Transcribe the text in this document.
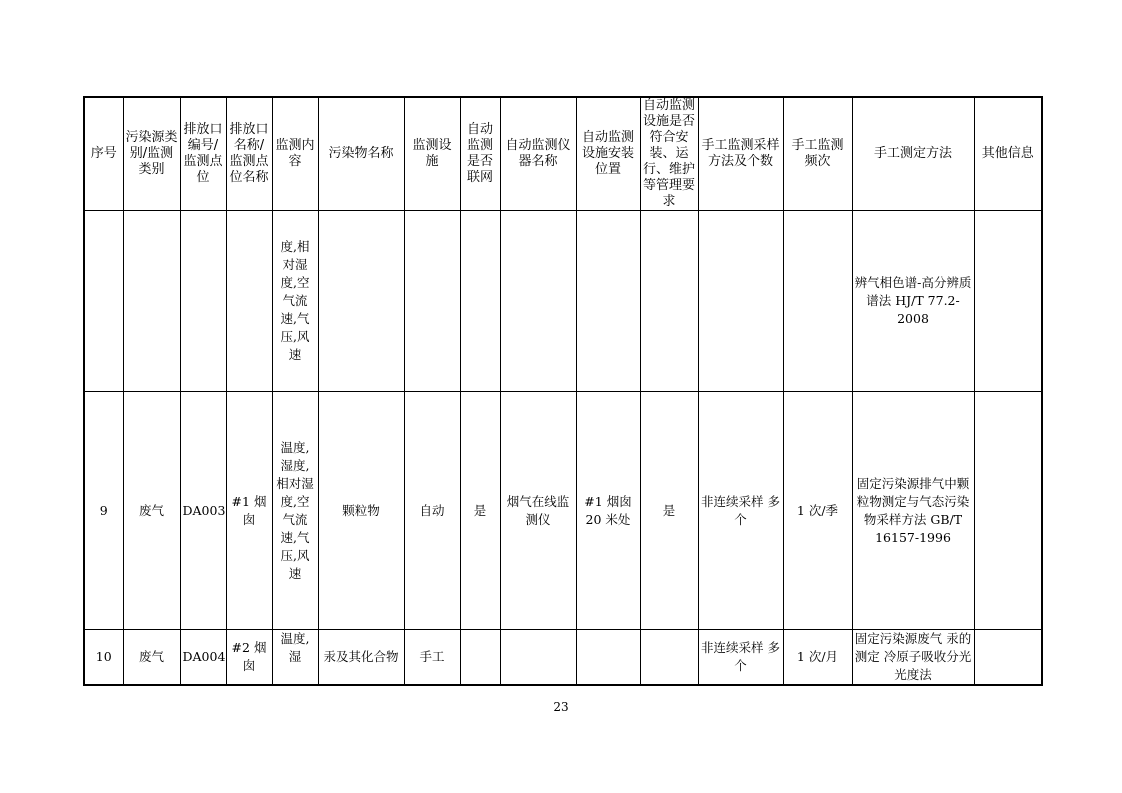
序号	污染源类别/监测类别	排放口编号/监测点位	排放口名称/监测点位名称	监测内容	污染物名称	监测设施	自动监测是否联网	自动监测仪器名称	自动监测设施安装位置	自动监测设施是否符合安装、运行、维护等管理要求	手工监测采样方法及个数	手工监测频次	手工测定方法	其他信息
				度,相对湿度,空气流速,气压,风速									辨气相色谱-高分辨质谱法 HJ/T 77.2-2008	
9	废气	DA003	#1 烟囱	温度,湿度,相对湿度,空气流速,气压,风速	颗粒物	自动	是	烟气在线监测仪	#1 烟囱 20 米处	是	非连续采样 多个	1 次/季	固定污染源排气中颗粒物测定与气态污染物采样方法 GB/T 16157-1996	
10	废气	DA004	#2 烟囱	温度,湿	汞及其化合物	手工					非连续采样 多个	1 次/月	固定污染源废气 汞的测定 冷原子吸收分光光度法	
23
